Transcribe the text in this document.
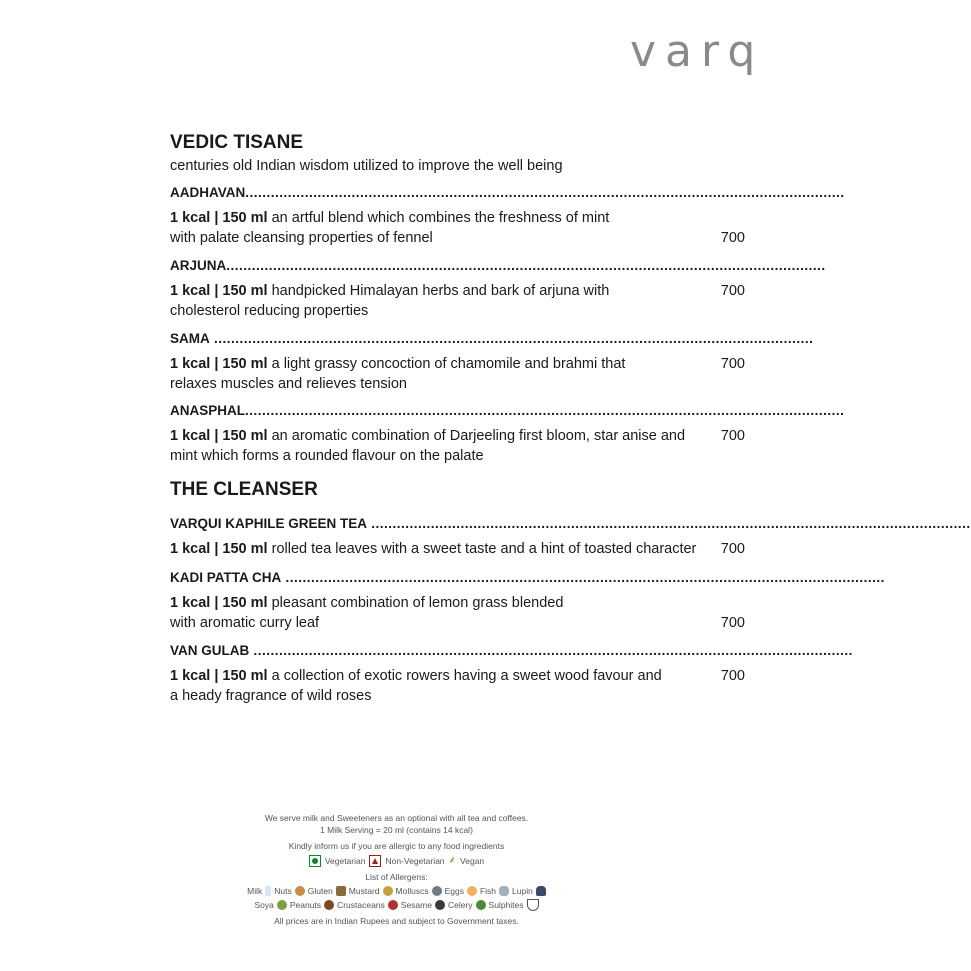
varq
VEDIC TISANE

centuries old Indian wisdom utilized to improve the well being

AADHAVAN.............................................................................................................................................
1 kcal | 150 ml an artful blend which combines the freshness of mint with palate cleansing properties of fennel	700
ARJUNA.............................................................................................................................................
1 kcal | 150 ml handpicked Himalayan herbs and bark of arjuna with cholesterol reducing properties
700
SAMA .............................................................................................................................................
1 kcal | 150 ml a light grassy concoction of chamomile and brahmi that relaxes muscles and relieves tension
700
ANASPHAL.............................................................................................................................................
1 kcal | 150 ml an aromatic combination of Darjeeling first bloom, star anise and mint which forms a rounded flavour on the palate
700
THE CLEANSER
VARQUI KAPHILE GREEN TEA .............................................................................................................................................
1 kcal | 150 ml rolled tea leaves with a sweet taste and a hint of toasted character 700
KADI PATTA CHA .............................................................................................................................................
1 kcal | 150 ml pleasant combination of lemon grass blended with aromatic curry leaf	700
VAN GULAB .............................................................................................................................................
1 kcal | 150 ml a collection of exotic rowers having a sweet wood favour and a heady fragrance of wild roses
700

We serve milk and Sweeteners as an optional with all tea and coffees.

1 Milk Serving = 20 ml (contains 14 kcal)

Kindly inform us if you are allergic to any food ingredients

Vegetarian Non-Vegetarian ⸙ Vegan

List of Allergens:

Milk Nuts Gluten Mustard Molluscs Eggs Fish Lupin
Soya Peanuts Crustaceans Sesame Celery Sulphites

All prices are in Indian Rupees and subject to Government taxes.
